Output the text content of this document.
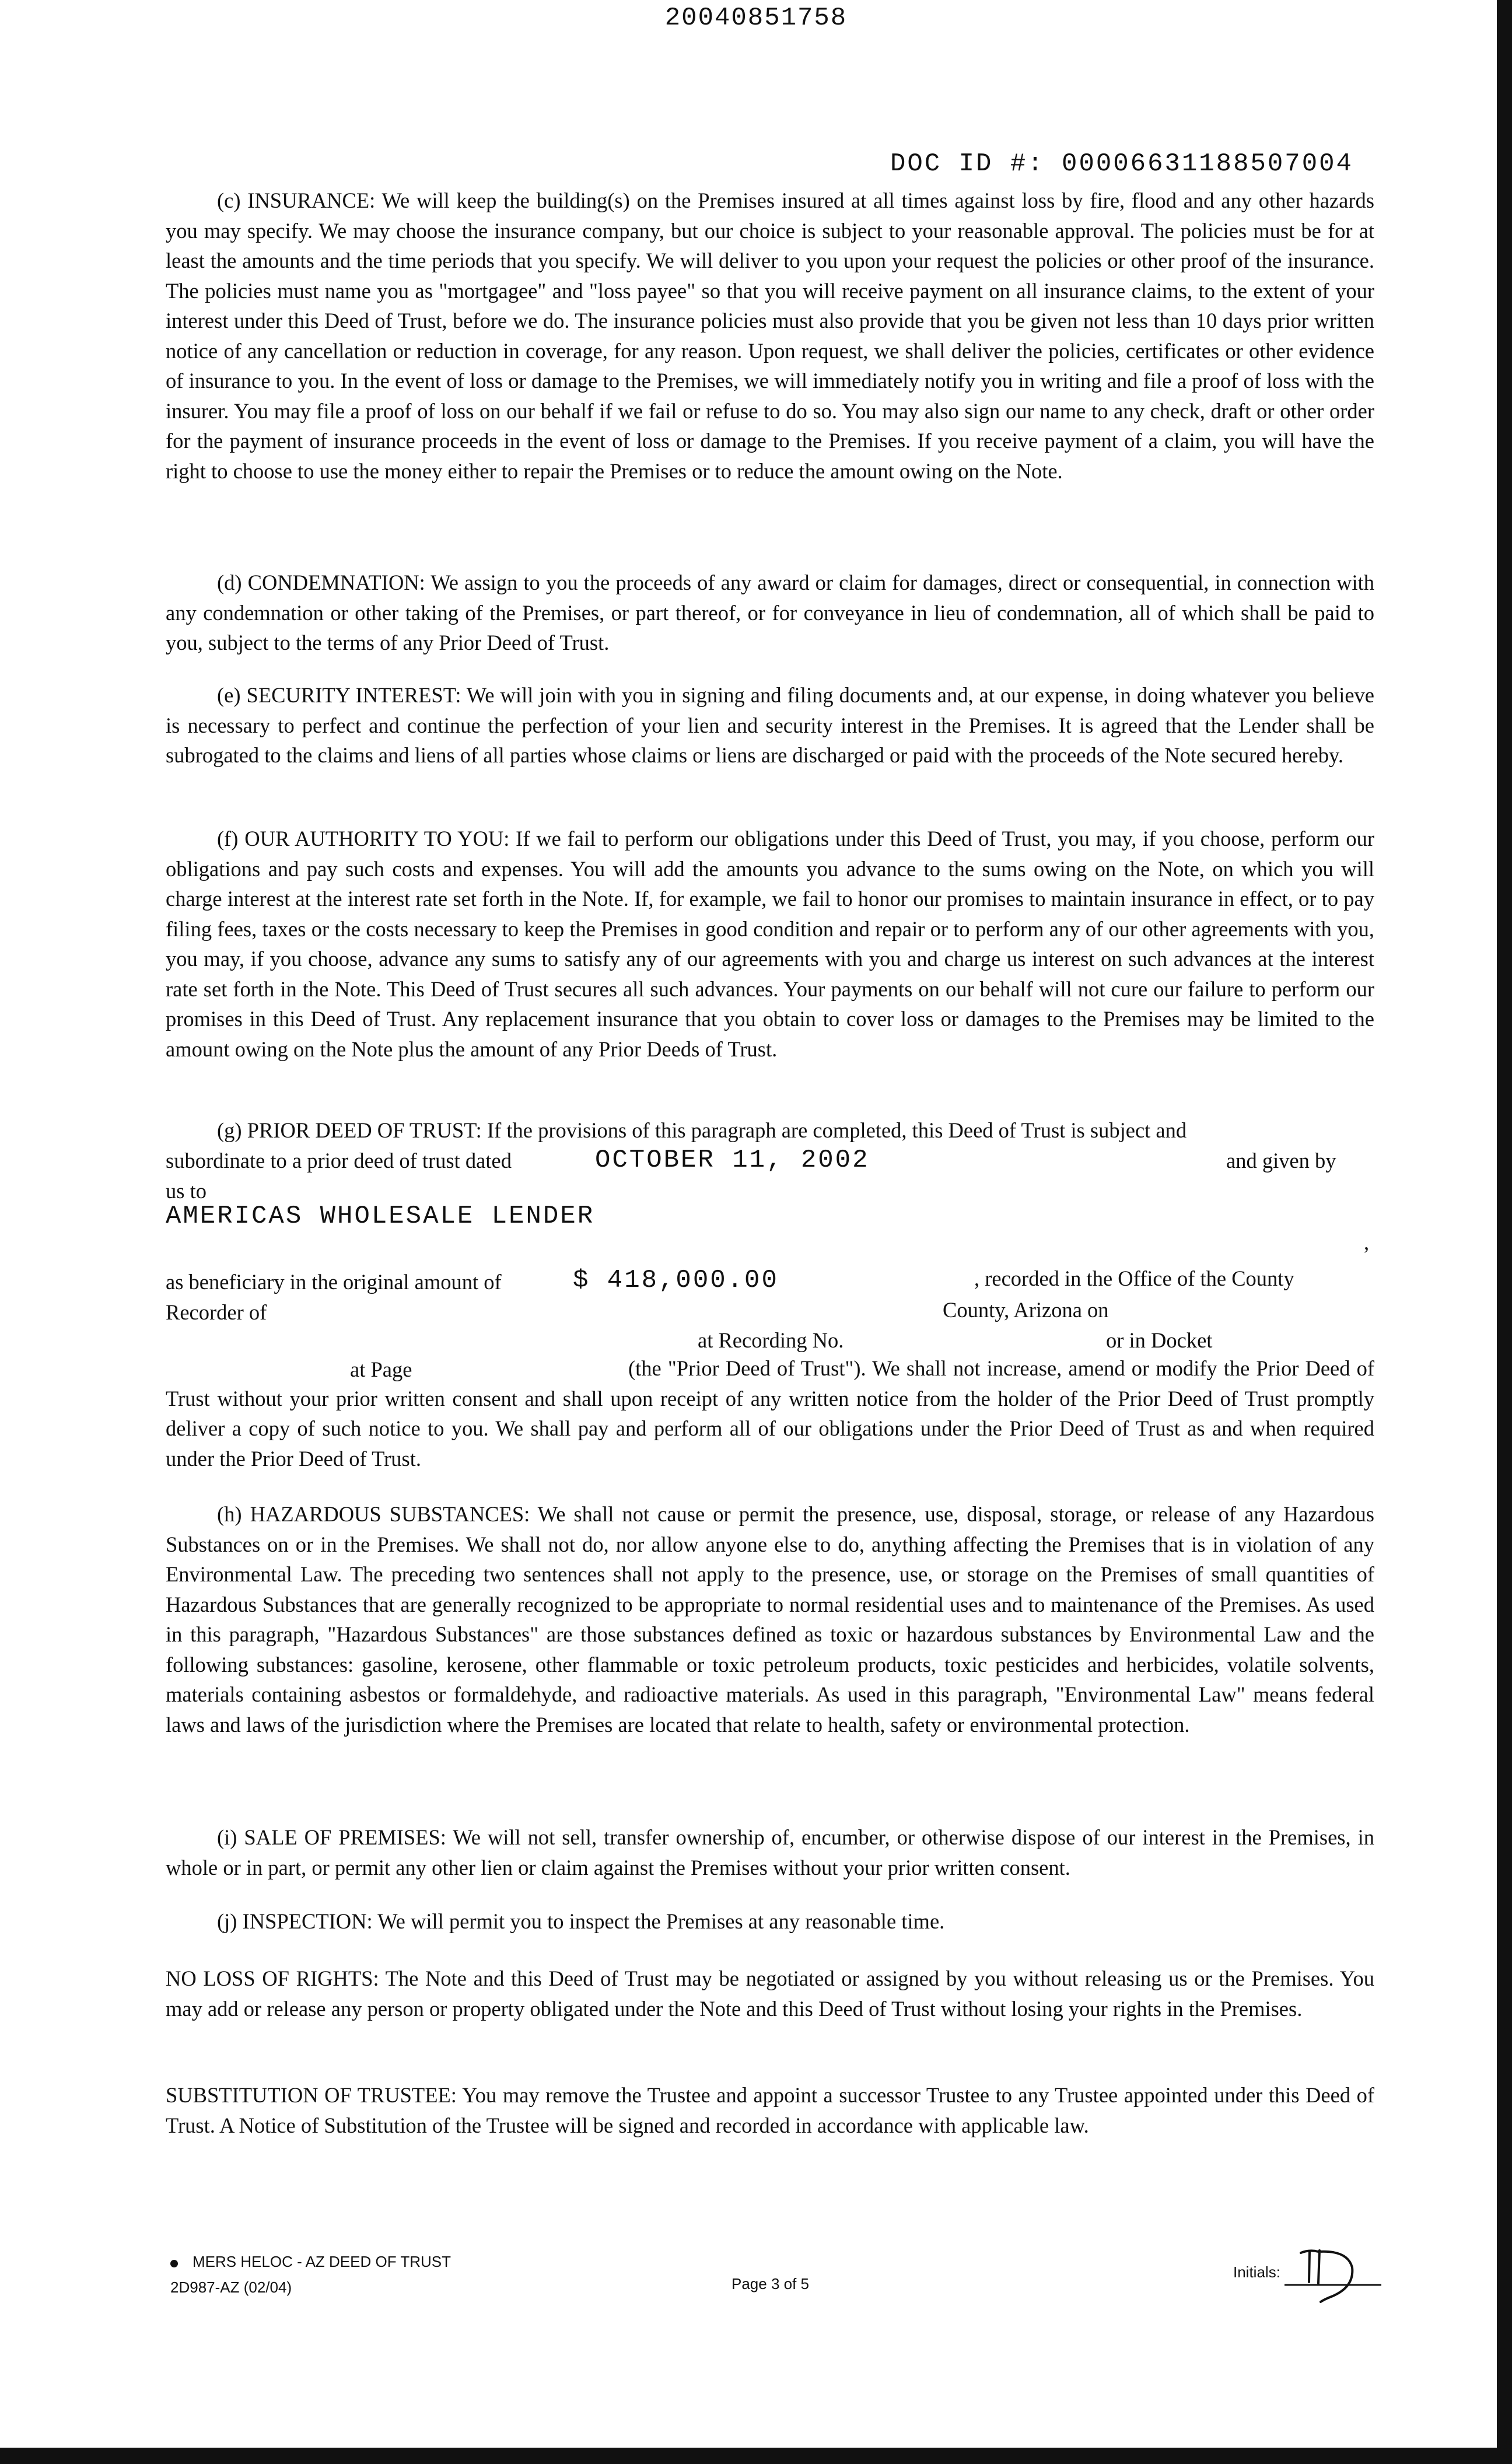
20040851758
DOC ID #: 00006631188507004

(c) INSURANCE: We will keep the building(s) on the Premises insured at all times against loss by fire, flood and any other hazards you may specify. We may choose the insurance company, but our choice is subject to your reasonable approval. The policies must be for at least the amounts and the time periods that you specify. We will deliver to you upon your request the policies or other proof of the insurance. The policies must name you as "mortgagee" and "loss payee" so that you will receive payment on all insurance claims, to the extent of your interest under this Deed of Trust, before we do. The insurance policies must also provide that you be given not less than 10 days prior written notice of any cancellation or reduction in coverage, for any reason. Upon request, we shall deliver the policies, certificates or other evidence of insurance to you. In the event of loss or damage to the Premises, we will immediately notify you in writing and file a proof of loss with the insurer. You may file a proof of loss on our behalf if we fail or refuse to do so. You may also sign our name to any check, draft or other order for the payment of insurance proceeds in the event of loss or damage to the Premises. If you receive payment of a claim, you will have the right to choose to use the money either to repair the Premises or to reduce the amount owing on the Note.

(d) CONDEMNATION: We assign to you the proceeds of any award or claim for damages, direct or consequential, in connection with any condemnation or other taking of the Premises, or part thereof, or for conveyance in lieu of condemnation, all of which shall be paid to you, subject to the terms of any Prior Deed of Trust.

(e) SECURITY INTEREST: We will join with you in signing and filing documents and, at our expense, in doing whatever you believe is necessary to perfect and continue the perfection of your lien and security interest in the Premises. It is agreed that the Lender shall be subrogated to the claims and liens of all parties whose claims or liens are discharged or paid with the proceeds of the Note secured hereby.

(f) OUR AUTHORITY TO YOU: If we fail to perform our obligations under this Deed of Trust, you may, if you choose, perform our obligations and pay such costs and expenses. You will add the amounts you advance to the sums owing on the Note, on which you will charge interest at the interest rate set forth in the Note. If, for example, we fail to honor our promises to maintain insurance in effect, or to pay filing fees, taxes or the costs necessary to keep the Premises in good condition and repair or to perform any of our other agreements with you, you may, if you choose, advance any sums to satisfy any of our agreements with you and charge us interest on such advances at the interest rate set forth in the Note. This Deed of Trust secures all such advances. Your payments on our behalf will not cure our failure to perform our promises in this Deed of Trust. Any replacement insurance that you obtain to cover loss or damages to the Premises may be limited to the amount owing on the Note plus the amount of any Prior Deeds of Trust.

(g) PRIOR DEED OF TRUST: If the provisions of this paragraph are completed, this Deed of Trust is subject and
subordinate to a prior deed of trust dated	OCTOBER 11, 2002	and given by
us to
AMERICAS WHOLESALE LENDER
,
as beneficiary in the original amount of	$ 418,000.00	, recorded in the Office of the County
Recorder of	County, Arizona on
at Recording No.	or in Docket
at Page	(the "Prior Deed of Trust"). We shall not increase, amend or modify the Prior Deed of Trust without your prior written consent and shall upon receipt of any written notice from the holder of the Prior Deed of Trust promptly deliver a copy of such notice to you. We shall pay and perform all of our obligations under the Prior Deed of Trust as and when required under the Prior Deed of Trust.

(h) HAZARDOUS SUBSTANCES: We shall not cause or permit the presence, use, disposal, storage, or release of any Hazardous Substances on or in the Premises. We shall not do, nor allow anyone else to do, anything affecting the Premises that is in violation of any Environmental Law. The preceding two sentences shall not apply to the presence, use, or storage on the Premises of small quantities of Hazardous Substances that are generally recognized to be appropriate to normal residential uses and to maintenance of the Premises. As used in this paragraph, "Hazardous Substances" are those substances defined as toxic or hazardous substances by Environmental Law and the following substances: gasoline, kerosene, other flammable or toxic petroleum products, toxic pesticides and herbicides, volatile solvents, materials containing asbestos or formaldehyde, and radioactive materials. As used in this paragraph, "Environmental Law" means federal laws and laws of the jurisdiction where the Premises are located that relate to health, safety or environmental protection.

(i) SALE OF PREMISES: We will not sell, transfer ownership of, encumber, or otherwise dispose of our interest in the Premises, in whole or in part, or permit any other lien or claim against the Premises without your prior written consent.

(j) INSPECTION: We will permit you to inspect the Premises at any reasonable time.

NO LOSS OF RIGHTS: The Note and this Deed of Trust may be negotiated or assigned by you without releasing us or the Premises. You may add or release any person or property obligated under the Note and this Deed of Trust without losing your rights in the Premises.

SUBSTITUTION OF TRUSTEE: You may remove the Trustee and appoint a successor Trustee to any Trustee appointed under this Deed of Trust. A Notice of Substitution of the Trustee will be signed and recorded in accordance with applicable law.

MERS HELOC - AZ DEED OF TRUST
2D987-AZ (02/04)	Page 3 of 5
Initials:
